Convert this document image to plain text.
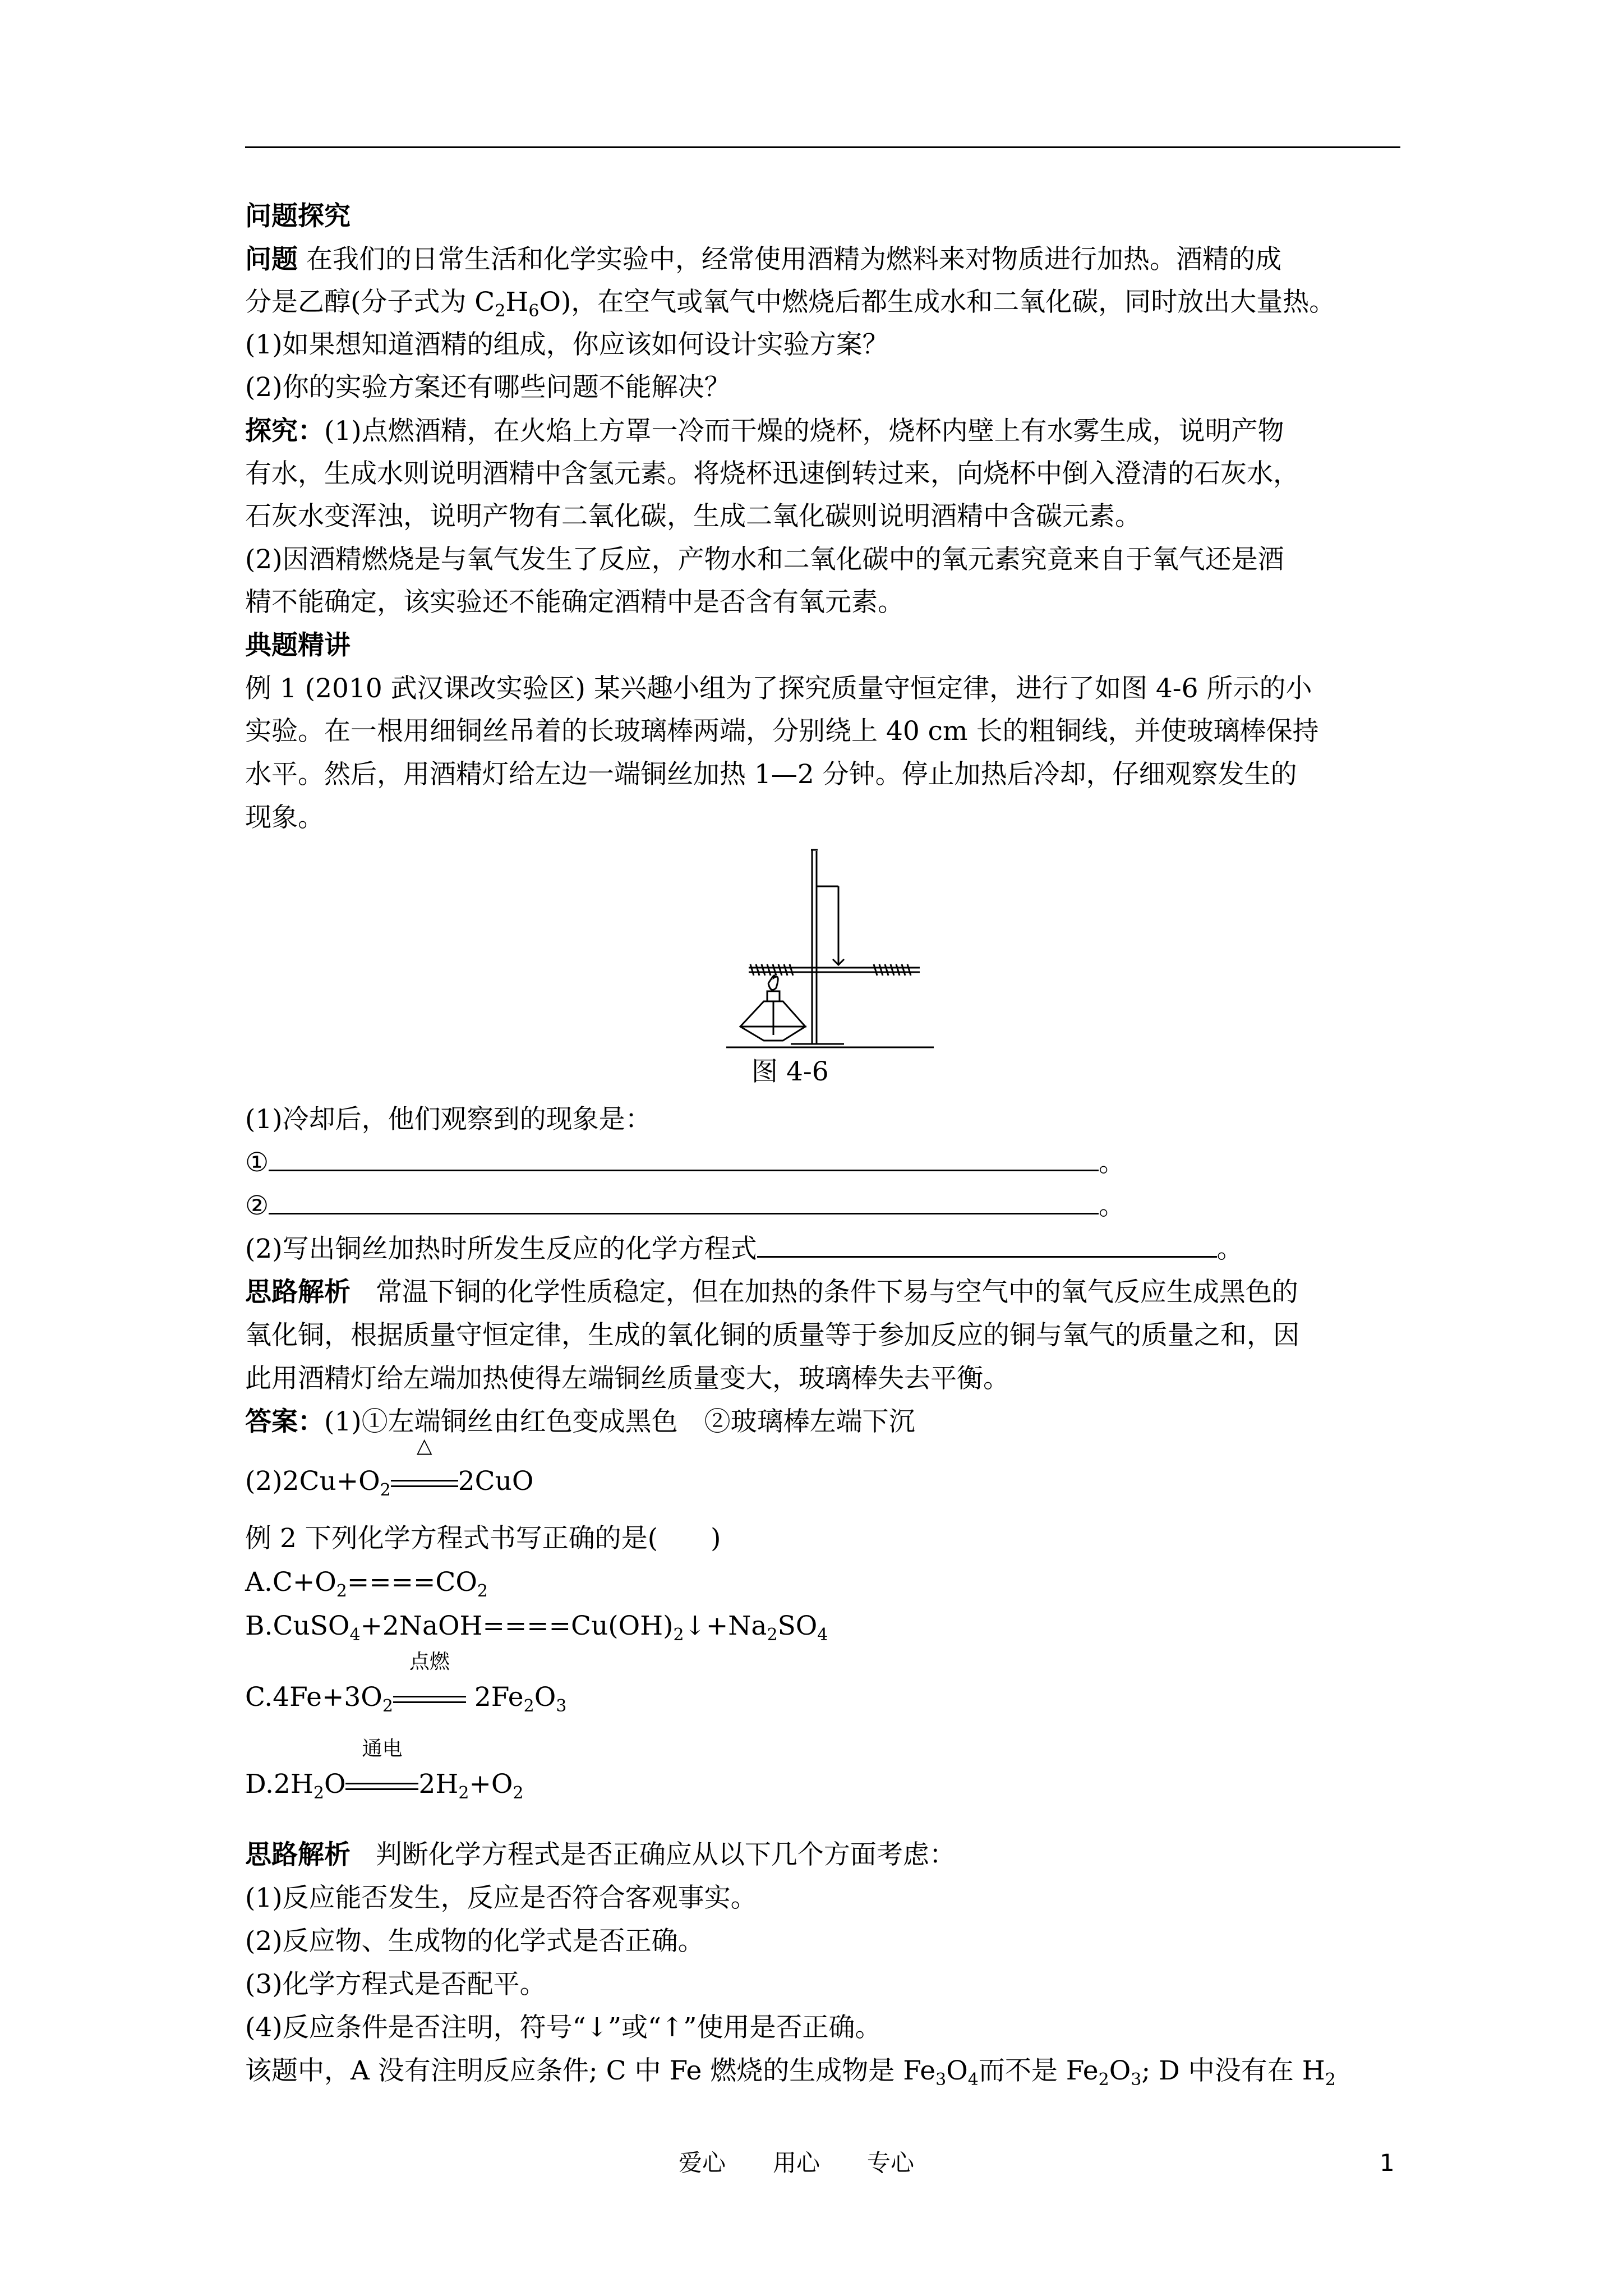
问题探究
问题 在我们的日常生活和化学实验中，经常使用酒精为燃料来对物质进行加热。酒精的成
分是乙醇(分子式为 $C_2H_6O$)，在空气或氧气中燃烧后都生成水和二氧化碳，同时放出大量热。
(1)如果想知道酒精的组成，你应该如何设计实验方案？
(2)你的实验方案还有哪些问题不能解决？
探究：(1)点燃酒精，在火焰上方罩一冷而干燥的烧杯，烧杯内壁上有水雾生成，说明产物
有水，生成水则说明酒精中含氢元素。将烧杯迅速倒转过来，向烧杯中倒入澄清的石灰水，
石灰水变浑浊，说明产物有二氧化碳，生成二氧化碳则说明酒精中含碳元素。
(2)因酒精燃烧是与氧气发生了反应，产物水和二氧化碳中的氧元素究竟来自于氧气还是酒
精不能确定，该实验还不能确定酒精中是否含有氧元素。
典题精讲
例 1 (2010 武汉课改实验区) 某兴趣小组为了探究质量守恒定律，进行了如图 4-6 所示的小
实验。在一根用细铜丝吊着的长玻璃棒两端，分别绕上 40 cm 长的粗铜线，并使玻璃棒保持
水平。然后，用酒精灯给左边一端铜丝加热 1—2 分钟。停止加热后冷却，仔细观察发生的
现象。
图 4-6
(1)冷却后，他们观察到的现象是：
①	。
②	。
(2)写出铜丝加热时所发生反应的化学方程式	。
思路解析 常温下铜的化学性质稳定，但在加热的条件下易与空气中的氧气反应生成黑色的
氧化铜，根据质量守恒定律，生成的氧化铜的质量等于参加反应的铜与氧气的质量之和，因
此用酒精灯给左端加热使得左端铜丝质量变大，玻璃棒失去平衡。
答案：(1)①左端铜丝由红色变成黑色　②玻璃棒左端下沉
$(2)2Cu+O_2$
△
2CuO
例 2 下列化学方程式书写正确的是(　　)
$A.C+O_2====CO_2$
$B.CuSO_4+2NaOH====Cu(OH)_2↓+Na_2SO_4$
$C.4Fe+3O_2$
点燃
$2Fe_2O_3$
$D.2H_2O$
通电
$2H_2+O_2$
思路解析 判断化学方程式是否正确应从以下几个方面考虑：
(1)反应能否发生，反应是否符合客观事实。
(2)反应物、生成物的化学式是否正确。
(3)化学方程式是否配平。
(4)反应条件是否注明，符号“↓”或“↑”使用是否正确。
该题中，A 没有注明反应条件; C 中 Fe 燃烧的生成物是 $Fe_3O_4$而不是 $Fe_2O_3$; D 中没有在 $H_2$
爱心　　用心　　专心	1
